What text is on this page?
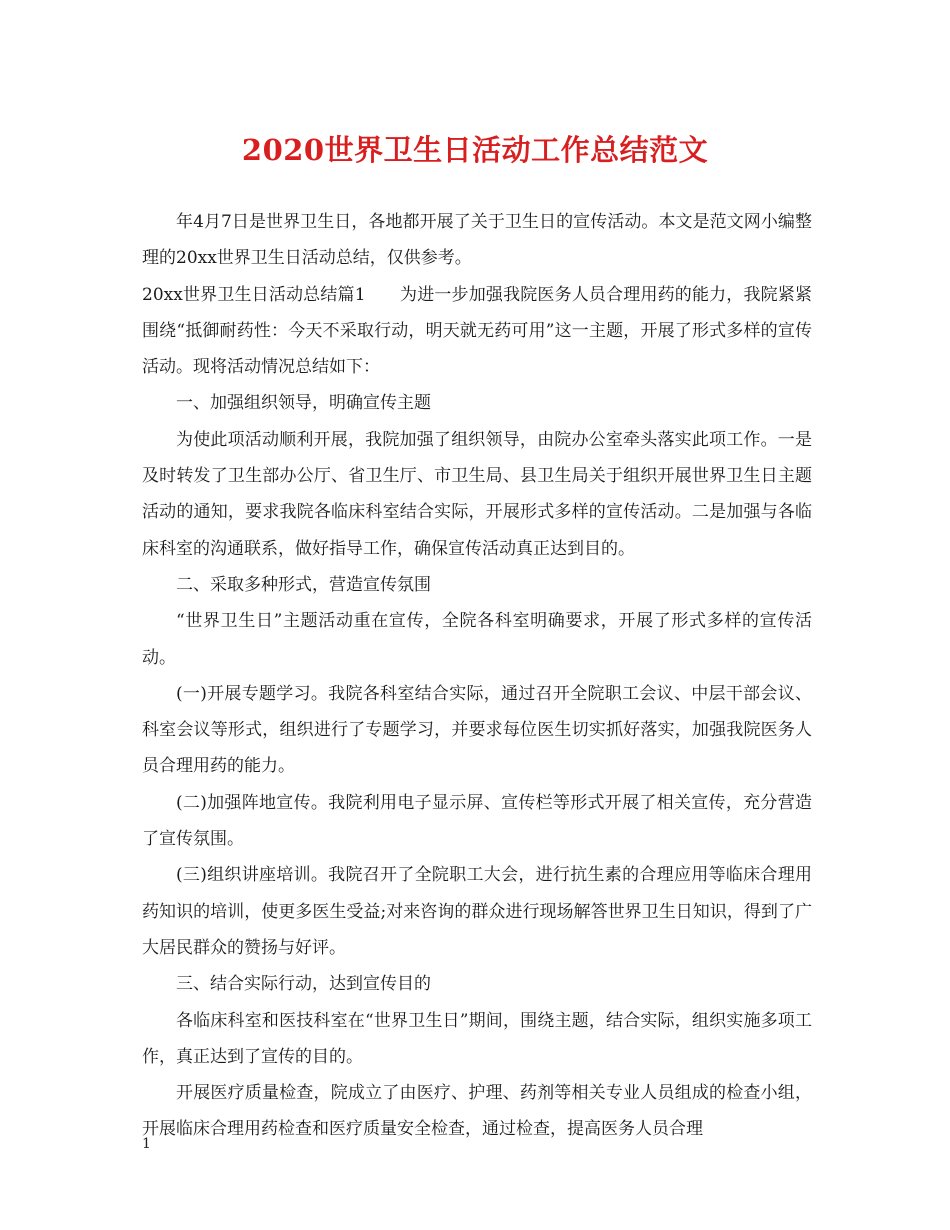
2020世界卫生日活动工作总结范文

年4月7日是世界卫生日，各地都开展了关于卫生日的宣传活动。本文是范文网小编整理的20xx世界卫生日活动总结，仅供参考。

20xx世界卫生日活动总结篇1　　为进一步加强我院医务人员合理用药的能力，我院紧紧围绕“抵御耐药性：今天不采取行动，明天就无药可用”这一主题，开展了形式多样的宣传活动。现将活动情况总结如下：

一、加强组织领导，明确宣传主题

为使此项活动顺利开展，我院加强了组织领导，由院办公室牵头落实此项工作。一是及时转发了卫生部办公厅、省卫生厅、市卫生局、县卫生局关于组织开展世界卫生日主题活动的通知，要求我院各临床科室结合实际，开展形式多样的宣传活动。二是加强与各临床科室的沟通联系，做好指导工作，确保宣传活动真正达到目的。

二、采取多种形式，营造宣传氛围

“世界卫生日”主题活动重在宣传，全院各科室明确要求，开展了形式多样的宣传活动。

(一)开展专题学习。我院各科室结合实际，通过召开全院职工会议、中层干部会议、科室会议等形式，组织进行了专题学习，并要求每位医生切实抓好落实，加强我院医务人员合理用药的能力。

(二)加强阵地宣传。我院利用电子显示屏、宣传栏等形式开展了相关宣传，充分营造了宣传氛围。

(三)组织讲座培训。我院召开了全院职工大会，进行抗生素的合理应用等临床合理用药知识的培训，使更多医生受益;对来咨询的群众进行现场解答世界卫生日知识，得到了广大居民群众的赞扬与好评。

三、结合实际行动，达到宣传目的

各临床科室和医技科室在“世界卫生日”期间，围绕主题，结合实际，组织实施多项工作，真正达到了宣传的目的。

开展医疗质量检查，院成立了由医疗、护理、药剂等相关专业人员组成的检查小组，开展临床合理用药检查和医疗质量安全检查，通过检查，提高医务人员合理

1
